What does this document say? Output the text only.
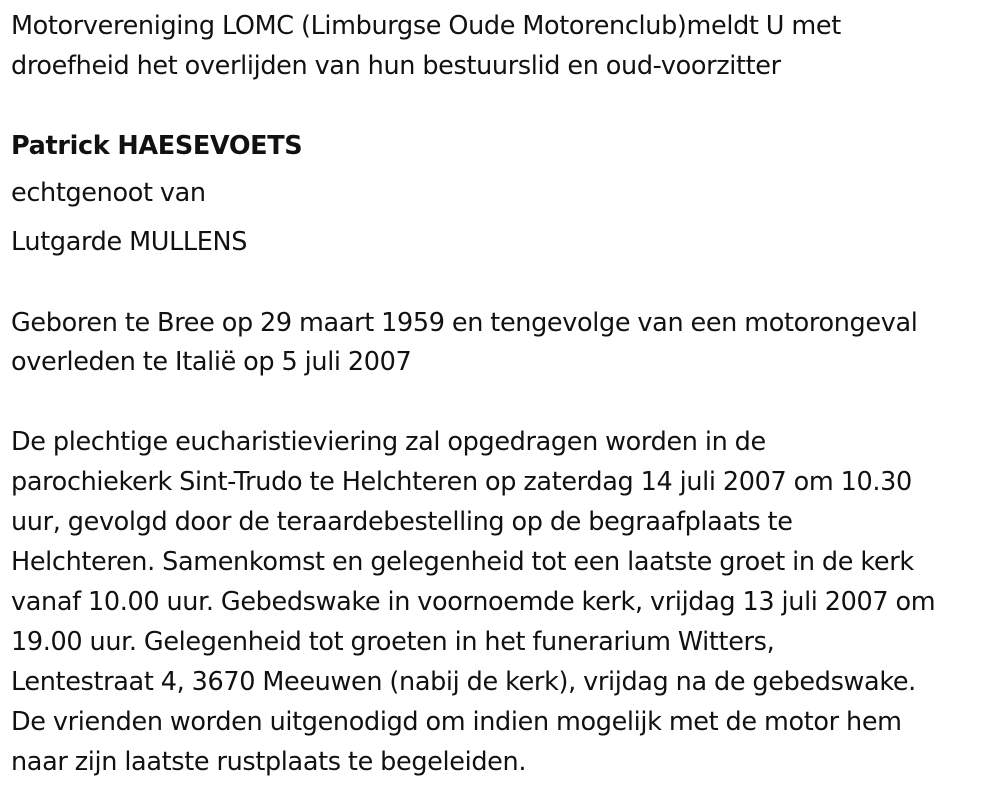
Motorvereniging LOMC (Limburgse Oude Motorenclub)meldt U met
droefheid het overlijden van hun bestuurslid en oud-voorzitter
Patrick HAESEVOETS
echtgenoot van
Lutgarde MULLENS
Geboren te Bree op 29 maart 1959 en tengevolge van een motorongeval
overleden te Italië op 5 juli 2007
De plechtige eucharistieviering zal opgedragen worden in de
parochiekerk Sint-Trudo te Helchteren op zaterdag 14 juli 2007 om 10.30
uur, gevolgd door de teraardebestelling op de begraafplaats te
Helchteren. Samenkomst en gelegenheid tot een laatste groet in de kerk
vanaf 10.00 uur. Gebedswake in voornoemde kerk, vrijdag 13 juli 2007 om
19.00 uur. Gelegenheid tot groeten in het funerarium Witters,
Lentestraat 4, 3670 Meeuwen (nabij de kerk), vrijdag na de gebedswake.
De vrienden worden uitgenodigd om indien mogelijk met de motor hem
naar zijn laatste rustplaats te begeleiden.
